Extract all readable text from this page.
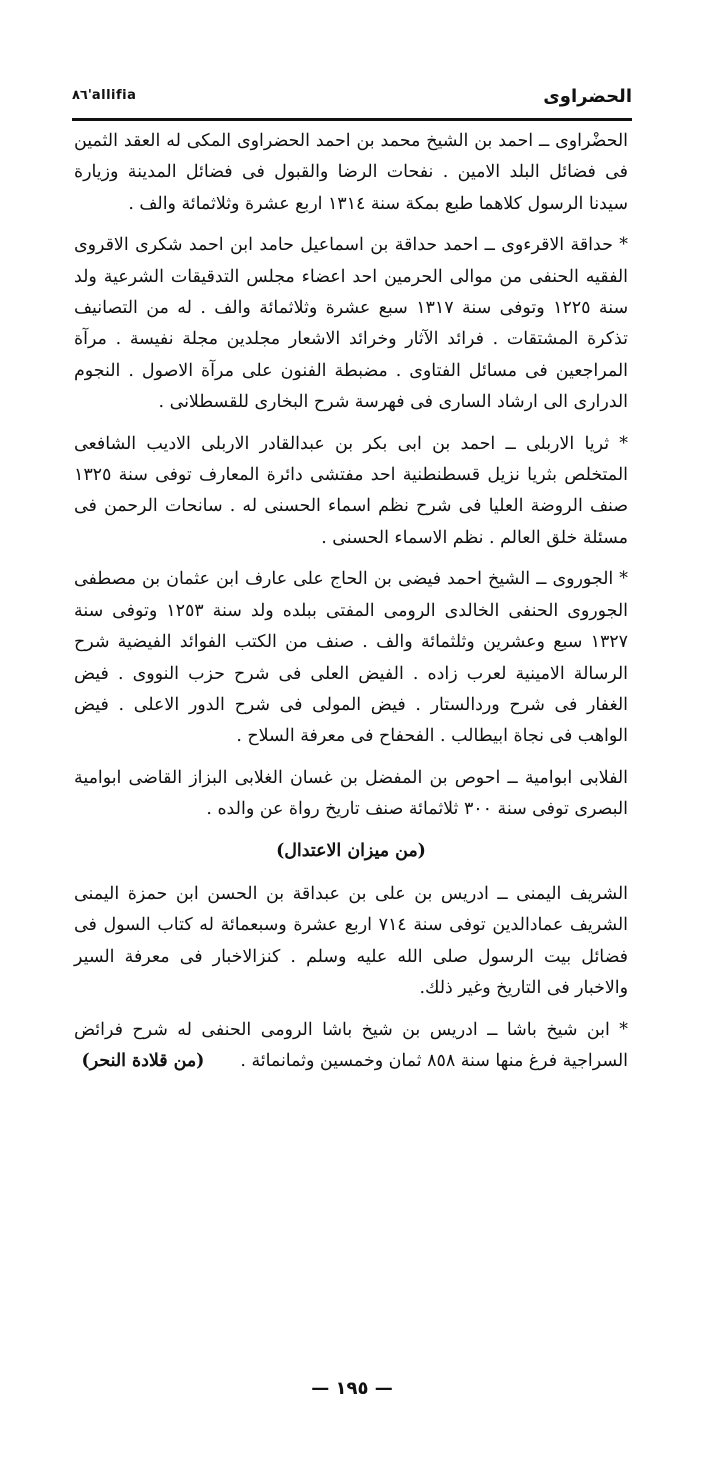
٨٦'allifia	الحضراوى

الحضْراوى ــ احمد بن الشيخ محمد بن احمد الحضراوى المكى له العقد الثمين فى فضائل البلد الامين . نفحات الرضا والقبول فى فضائل المدينة وزيارة سيدنا الرسول كلاهما طبع بمكة سنة ١٣١٤ اربع عشرة وثلاثمائة والف .

* حداقة الاقرءوى ــ احمد حداقة بن اسماعيل حامد ابن احمد شكرى الاقروى الفقيه الحنفى من موالى الحرمين احد اعضاء مجلس التدقيقات الشرعية ولد سنة ١٢٢٥ وتوفى سنة ١٣١٧ سبع عشرة وثلاثمائة والف . له من التصانيف تذكرة المشتقات . فرائد الآثار وخرائد الاشعار مجلدين مجلة نفيسة . مرآة المراجعين فى مسائل الفتاوى . مضبطة الفنون على مرآة الاصول . النجوم الدرارى الى ارشاد السارى فى فهرسة شرح البخارى للقسطلانى .

* ثريا الاربلى ــ احمد بن ابى بكر بن عبدالقادر الاربلى الاديب الشافعى المتخلص بثريا نزيل قسطنطنية احد مفتشى دائرة المعارف توفى سنة ١٣٢٥ صنف الروضة العليا فى شرح نظم اسماء الحسنى له . سانحات الرحمن فى مسئلة خلق العالم . نظم الاسماء الحسنى .

* الجوروى ــ الشيخ احمد فيضى بن الحاج على عارف ابن عثمان بن مصطفى الجوروى الحنفى الخالدى الرومى المفتى ببلده ولد سنة ١٢٥٣ وتوفى سنة ١٣٢٧ سبع وعشرين وثلثمائة والف . صنف من الكتب الفوائد الفيضية شرح الرسالة الامينية لعرب زاده . الفيض العلى فى شرح حزب النووى . فيض الغفار فى شرح وردالستار . فيض المولى فى شرح الدور الاعلى . فيض الواهب فى نجاة ابيطالب . الفحفاح فى معرفة السلاح .

الفلابى ابوامية ــ احوص بن المفضل بن غسان الغلابى البزاز القاضى ابوامية البصرى توفى سنة ٣٠٠ ثلاثمائة صنف تاريخ رواة عن والده .

(من ميزان الاعتدال)

الشريف اليمنى ــ ادريس بن على بن عبداقة بن الحسن ابن حمزة اليمنى الشريف عمادالدين توفى سنة ٧١٤ اربع عشرة وسبعمائة له كتاب السول فى فضائل بيت الرسول صلى الله عليه وسلم . كنزالاخبار فى معرفة السير والاخبار فى التاريخ وغير ذلك.

* ابن شيخ باشا ــ ادريس بن شيخ باشا الرومى الحنفى له شرح فرائض السراجية فرغ منها سنة ٨٥٨ ثمان وخمسين وثمانمائة .(من قلادة النحر)

— ١٩٥ —
